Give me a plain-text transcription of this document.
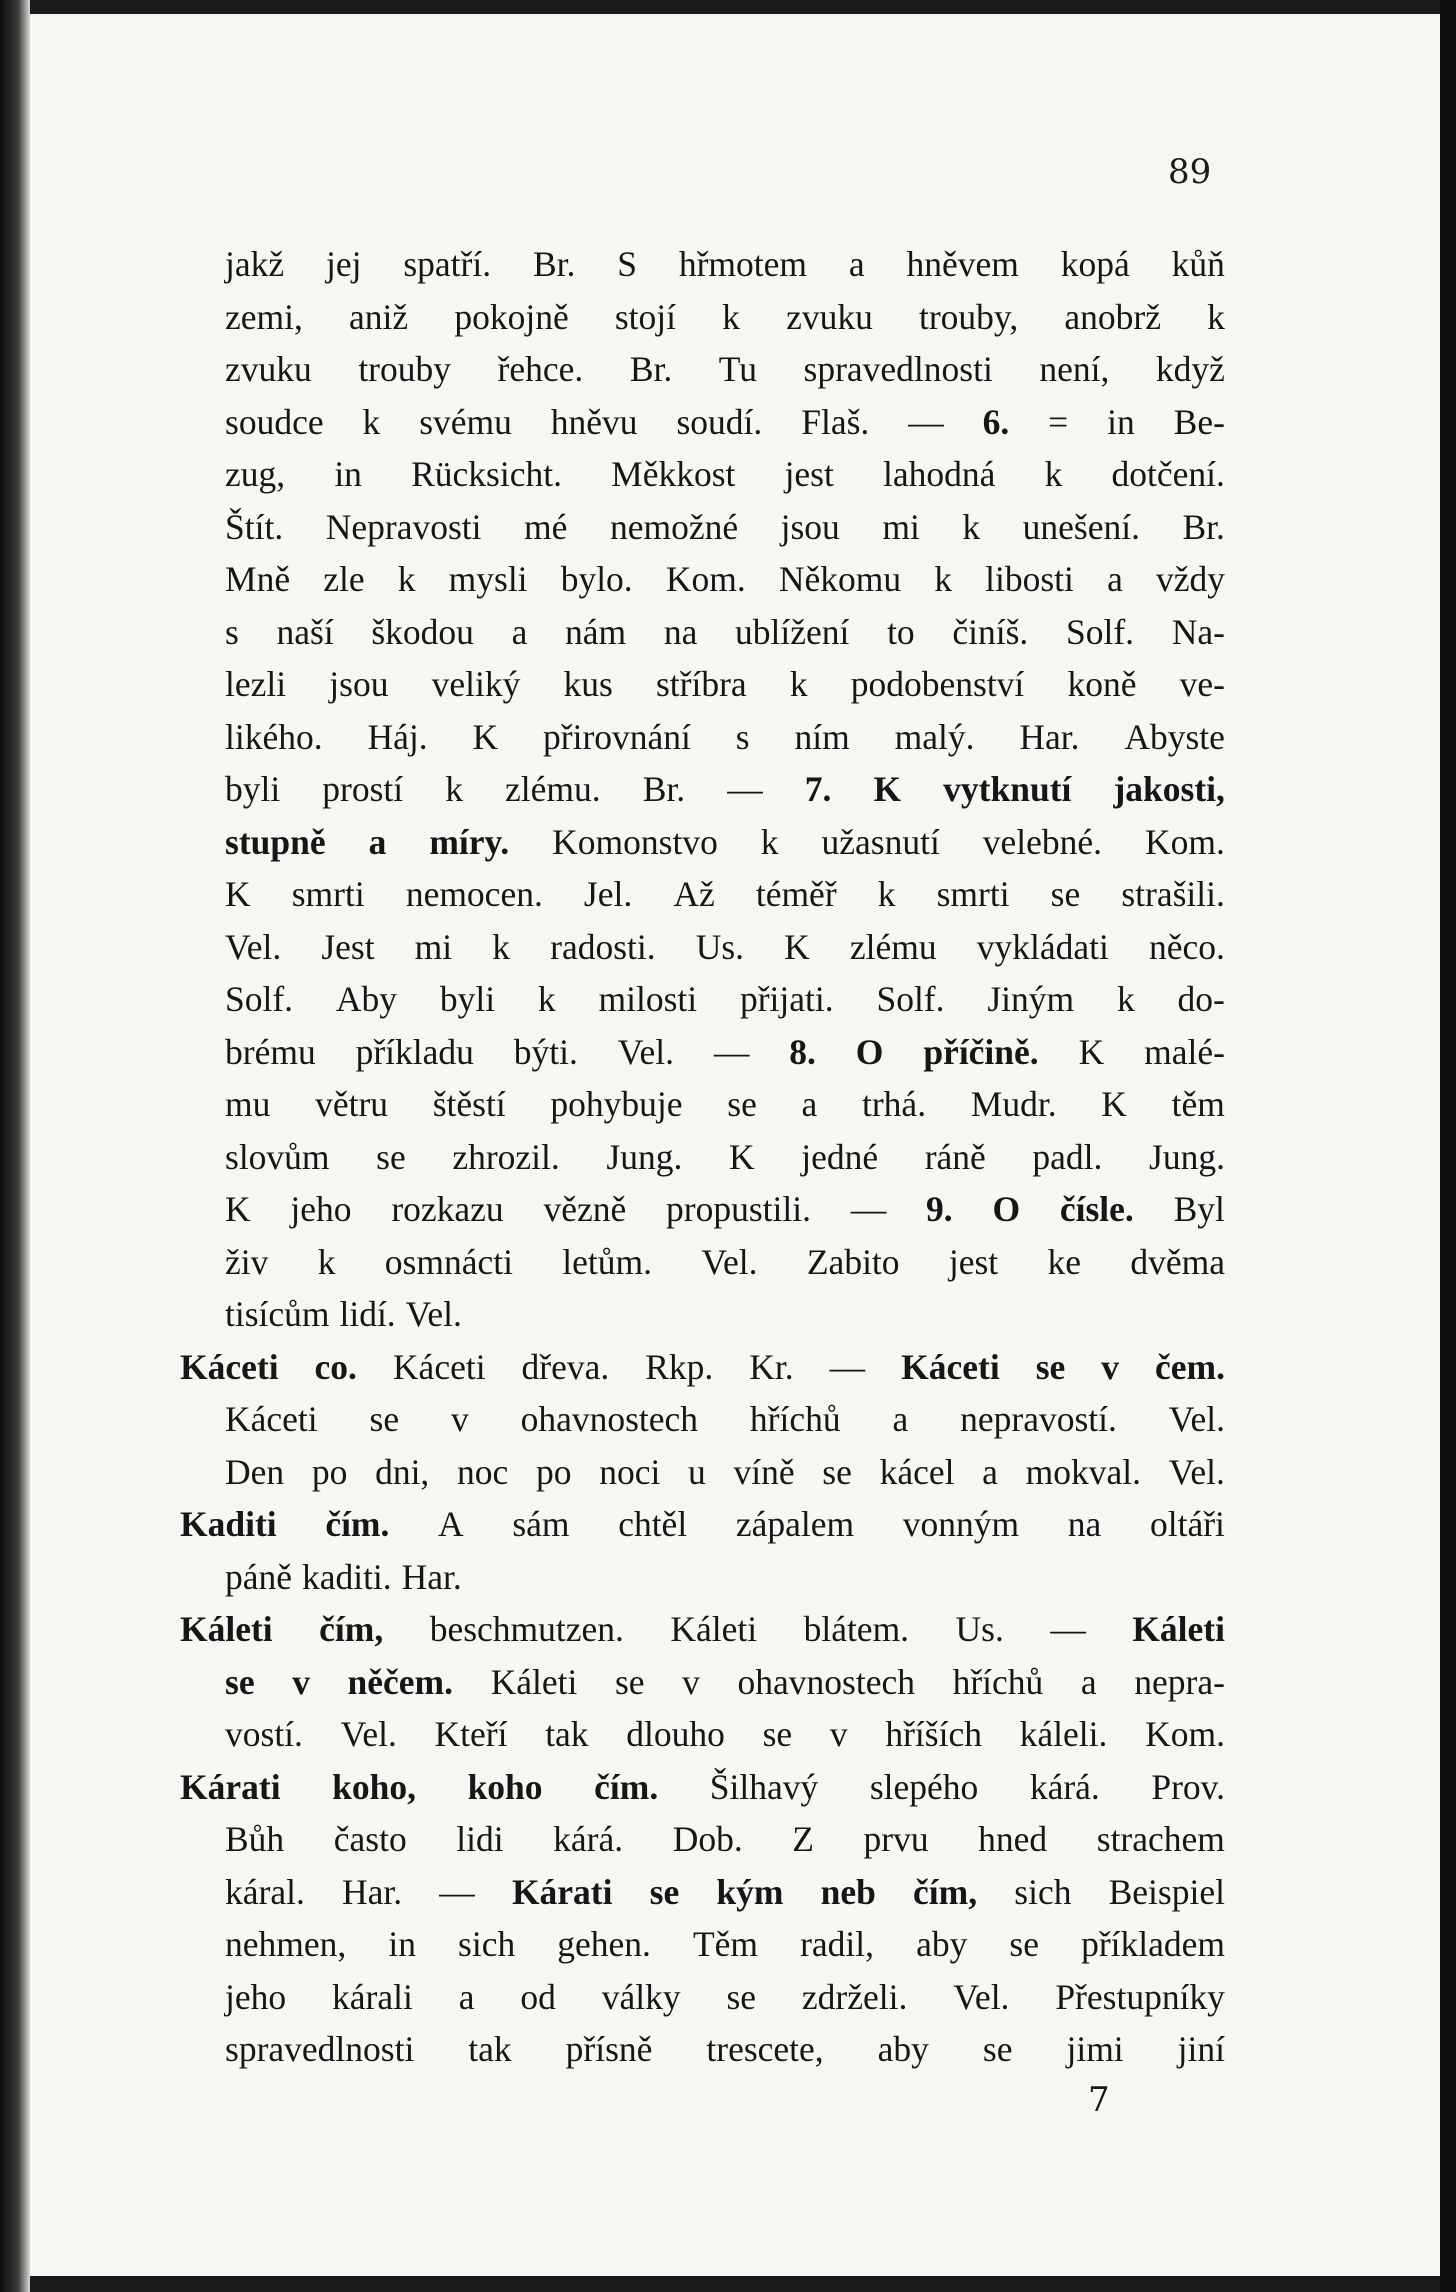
89
jakž jej spatří. Br. S hřmotem a hněvem kopá kůň
zemi, aniž pokojně stojí k zvuku trouby, anobrž k
zvuku trouby řehce. Br. Tu spravedlnosti není, když
soudce k svému hněvu soudí. Flaš. — 6. = in Be-
zug, in Rücksicht. Měkkost jest lahodná k dotčení.
Štít. Nepravosti mé nemožné jsou mi k unešení. Br.
Mně zle k mysli bylo. Kom. Někomu k libosti a vždy
s naší škodou a nám na ublížení to činíš. Solf. Na-
lezli jsou veliký kus stříbra k podobenství koně ve-
likého. Háj. K přirovnání s ním malý. Har. Abyste
byli prostí k zlému. Br. — 7. K vytknutí jakosti,
stupně a míry. Komonstvo k užasnutí velebné. Kom.
K smrti nemocen. Jel. Až téměř k smrti se strašili.
Vel. Jest mi k radosti. Us. K zlému vykládati něco.
Solf. Aby byli k milosti přijati. Solf. Jiným k do-
brému příkladu býti. Vel. — 8. O příčině. K malé-
mu větru štěstí pohybuje se a trhá. Mudr. K těm
slovům se zhrozil. Jung. K jedné ráně padl. Jung.
K jeho rozkazu vězně propustili. — 9. O čísle. Byl
živ k osmnácti letům. Vel. Zabito jest ke dvěma
tisícům lidí. Vel.
Káceti co. Káceti dřeva. Rkp. Kr. — Káceti se v čem.
Káceti se v ohavnostech hříchů a nepravostí. Vel.
Den po dni, noc po noci u víně se kácel a mokval. Vel.
Kaditi čím. A sám chtěl zápalem vonným na oltáři
páně kaditi. Har.
Káleti čím, beschmutzen. Káleti blátem. Us. — Káleti
se v něčem. Káleti se v ohavnostech hříchů a nepra-
vostí. Vel. Kteří tak dlouho se v hříších káleli. Kom.
Kárati koho, koho čím. Šilhavý slepého kárá. Prov.
Bůh často lidi kárá. Dob. Z prvu hned strachem
káral. Har. — Kárati se kým neb čím, sich Beispiel
nehmen, in sich gehen. Těm radil, aby se příkladem
jeho kárali a od války se zdrželi. Vel. Přestupníky
spravedlnosti tak přísně trescete, aby se jimi jiní
7
